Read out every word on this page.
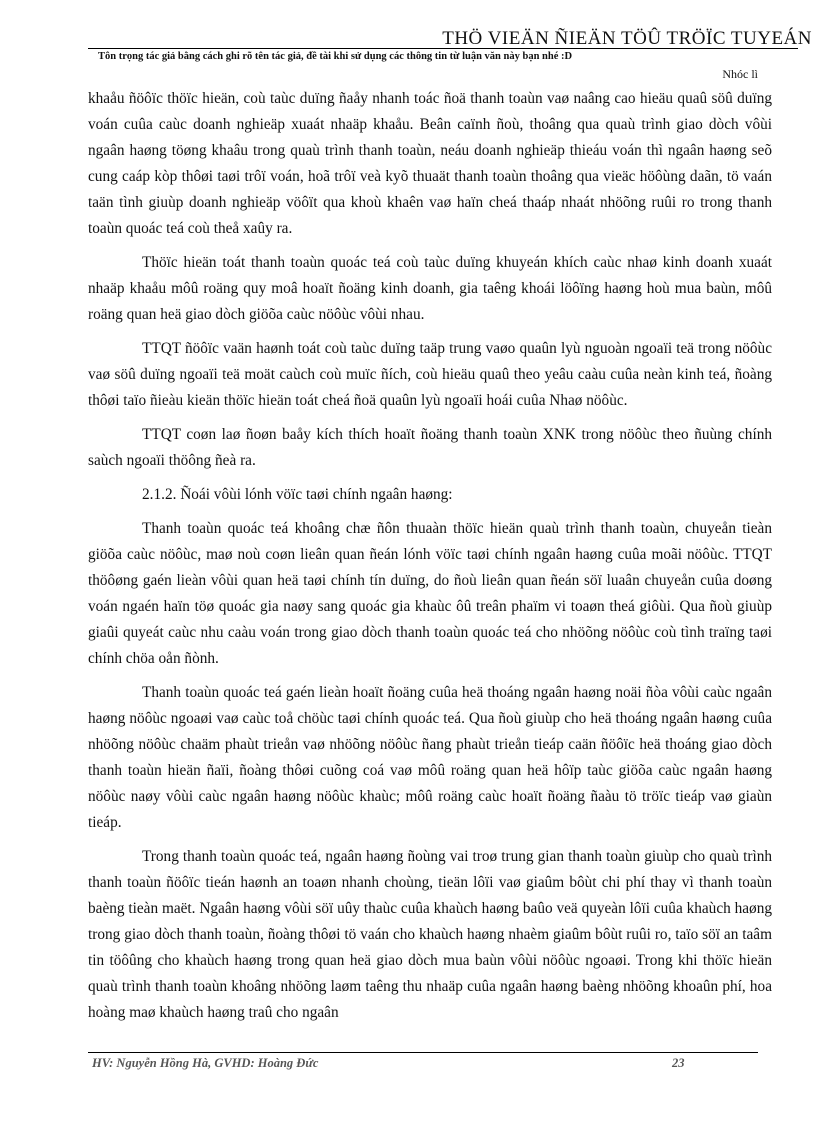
THÖ VIEÄN ÑIEÄN TÖÛ TRÖÏC TUYEÁN
Tôn trọng tác giả bằng cách ghi rõ tên tác giả, đề tài khi sử dụng các thông tin từ luận văn này bạn nhé :D
Nhóc lì

khaåu ñöôïc thöïc hieän, coù taùc duïng ñaåy nhanh toác ñoä thanh toaùn vaø naâng cao hieäu quaû söû duïng voán cuûa caùc doanh nghieäp xuaát nhaäp khaåu. Beân caïnh ñoù, thoâng qua quaù trình giao dòch vôùi ngaân haøng töøng khaâu trong quaù trình thanh toaùn, neáu doanh nghieäp thieáu voán thì ngaân haøng seõ cung caáp kòp thôøi taøi trôï voán, hoã trôï veà kyõ thuaät thanh toaùn thoâng qua vieäc höôùng daãn, tö vaán taän tình giuùp doanh nghieäp vöôït qua khoù khaên vaø haïn cheá thaáp nhaát nhöõng ruûi ro trong thanh toaùn quoác teá coù theå xaûy ra.

Thöïc hieän toát thanh toaùn quoác teá coù taùc duïng khuyeán khích caùc nhaø kinh doanh xuaát nhaäp khaåu môû roäng quy moâ hoaït ñoäng kinh doanh, gia taêng khoái löôïng haøng hoù mua baùn, môû roäng quan heä giao dòch giöõa caùc nöôùc vôùi nhau.

TTQT ñöôïc vaän haønh toát coù taùc duïng taäp trung vaøo quaûn lyù nguoàn ngoaïi teä trong nöôùc vaø söû duïng ngoaïi teä moät caùch coù muïc ñích, coù hieäu quaû theo yeâu caàu cuûa neàn kinh teá, ñoàng thôøi taïo ñieàu kieän thöïc hieän toát cheá ñoä quaûn lyù ngoaïi hoái cuûa Nhaø nöôùc.

TTQT coøn laø ñoøn baåy kích thích hoaït ñoäng thanh toaùn XNK trong nöôùc theo ñuùng chính saùch ngoaïi thöông ñeà ra.

2.1.2. Ñoái vôùi lónh vöïc taøi chính ngaân haøng:

Thanh toaùn quoác teá khoâng chæ ñôn thuaàn thöïc hieän quaù trình thanh toaùn, chuyeån tieàn giöõa caùc nöôùc, maø noù coøn lieân quan ñeán lónh vöïc taøi chính ngaân haøng cuûa moãi nöôùc. TTQT thöôøng gaén lieàn vôùi quan heä taøi chính tín duïng, do ñoù lieân quan ñeán söï luaân chuyeån cuûa doøng voán ngaén haïn töø quoác gia naøy sang quoác gia khaùc ôû treân phaïm vi toaøn theá giôùi. Qua ñoù giuùp giaûi quyeát caùc nhu caàu voán trong giao dòch thanh toaùn quoác teá cho nhöõng nöôùc coù tình traïng taøi chính chöa oån ñònh.

Thanh toaùn quoác teá gaén lieàn hoaït ñoäng cuûa heä thoáng ngaân haøng noäi ñòa vôùi caùc ngaân haøng nöôùc ngoaøi vaø caùc toå chöùc taøi chính quoác teá. Qua ñoù giuùp cho heä thoáng ngaân haøng cuûa nhöõng nöôùc chaäm phaùt trieån vaø nhöõng nöôùc ñang phaùt trieån tieáp caän ñöôïc heä thoáng giao dòch thanh toaùn hieän ñaïi, ñoàng thôøi cuõng coá vaø môû roäng quan heä hôïp taùc giöõa caùc ngaân haøng nöôùc naøy vôùi caùc ngaân haøng nöôùc khaùc; môû roäng caùc hoaït ñoäng ñaàu tö tröïc tieáp vaø giaùn tieáp.

Trong thanh toaùn quoác teá, ngaân haøng ñoùng vai troø trung gian thanh toaùn giuùp cho quaù trình thanh toaùn ñöôïc tieán haønh an toaøn nhanh choùng, tieän lôïi vaø giaûm bôùt chi phí thay vì thanh toaùn baèng tieàn maët. Ngaân haøng vôùi söï uûy thaùc cuûa khaùch haøng baûo veä quyeàn lôïi cuûa khaùch haøng trong giao dòch thanh toaùn, ñoàng thôøi tö vaán cho khaùch haøng nhaèm giaûm bôùt ruûi ro, taïo söï an taâm tin töôûng cho khaùch haøng trong quan heä giao dòch mua baùn vôùi nöôùc ngoaøi. Trong khi thöïc hieän quaù trình thanh toaùn khoâng nhöõng laøm taêng thu nhaäp cuûa ngaân haøng baèng nhöõng khoaûn phí, hoa hoàng maø khaùch haøng traû cho ngaân

HV: Nguyễn Hồng Hà, GVHD: Hoàng Đức	23
